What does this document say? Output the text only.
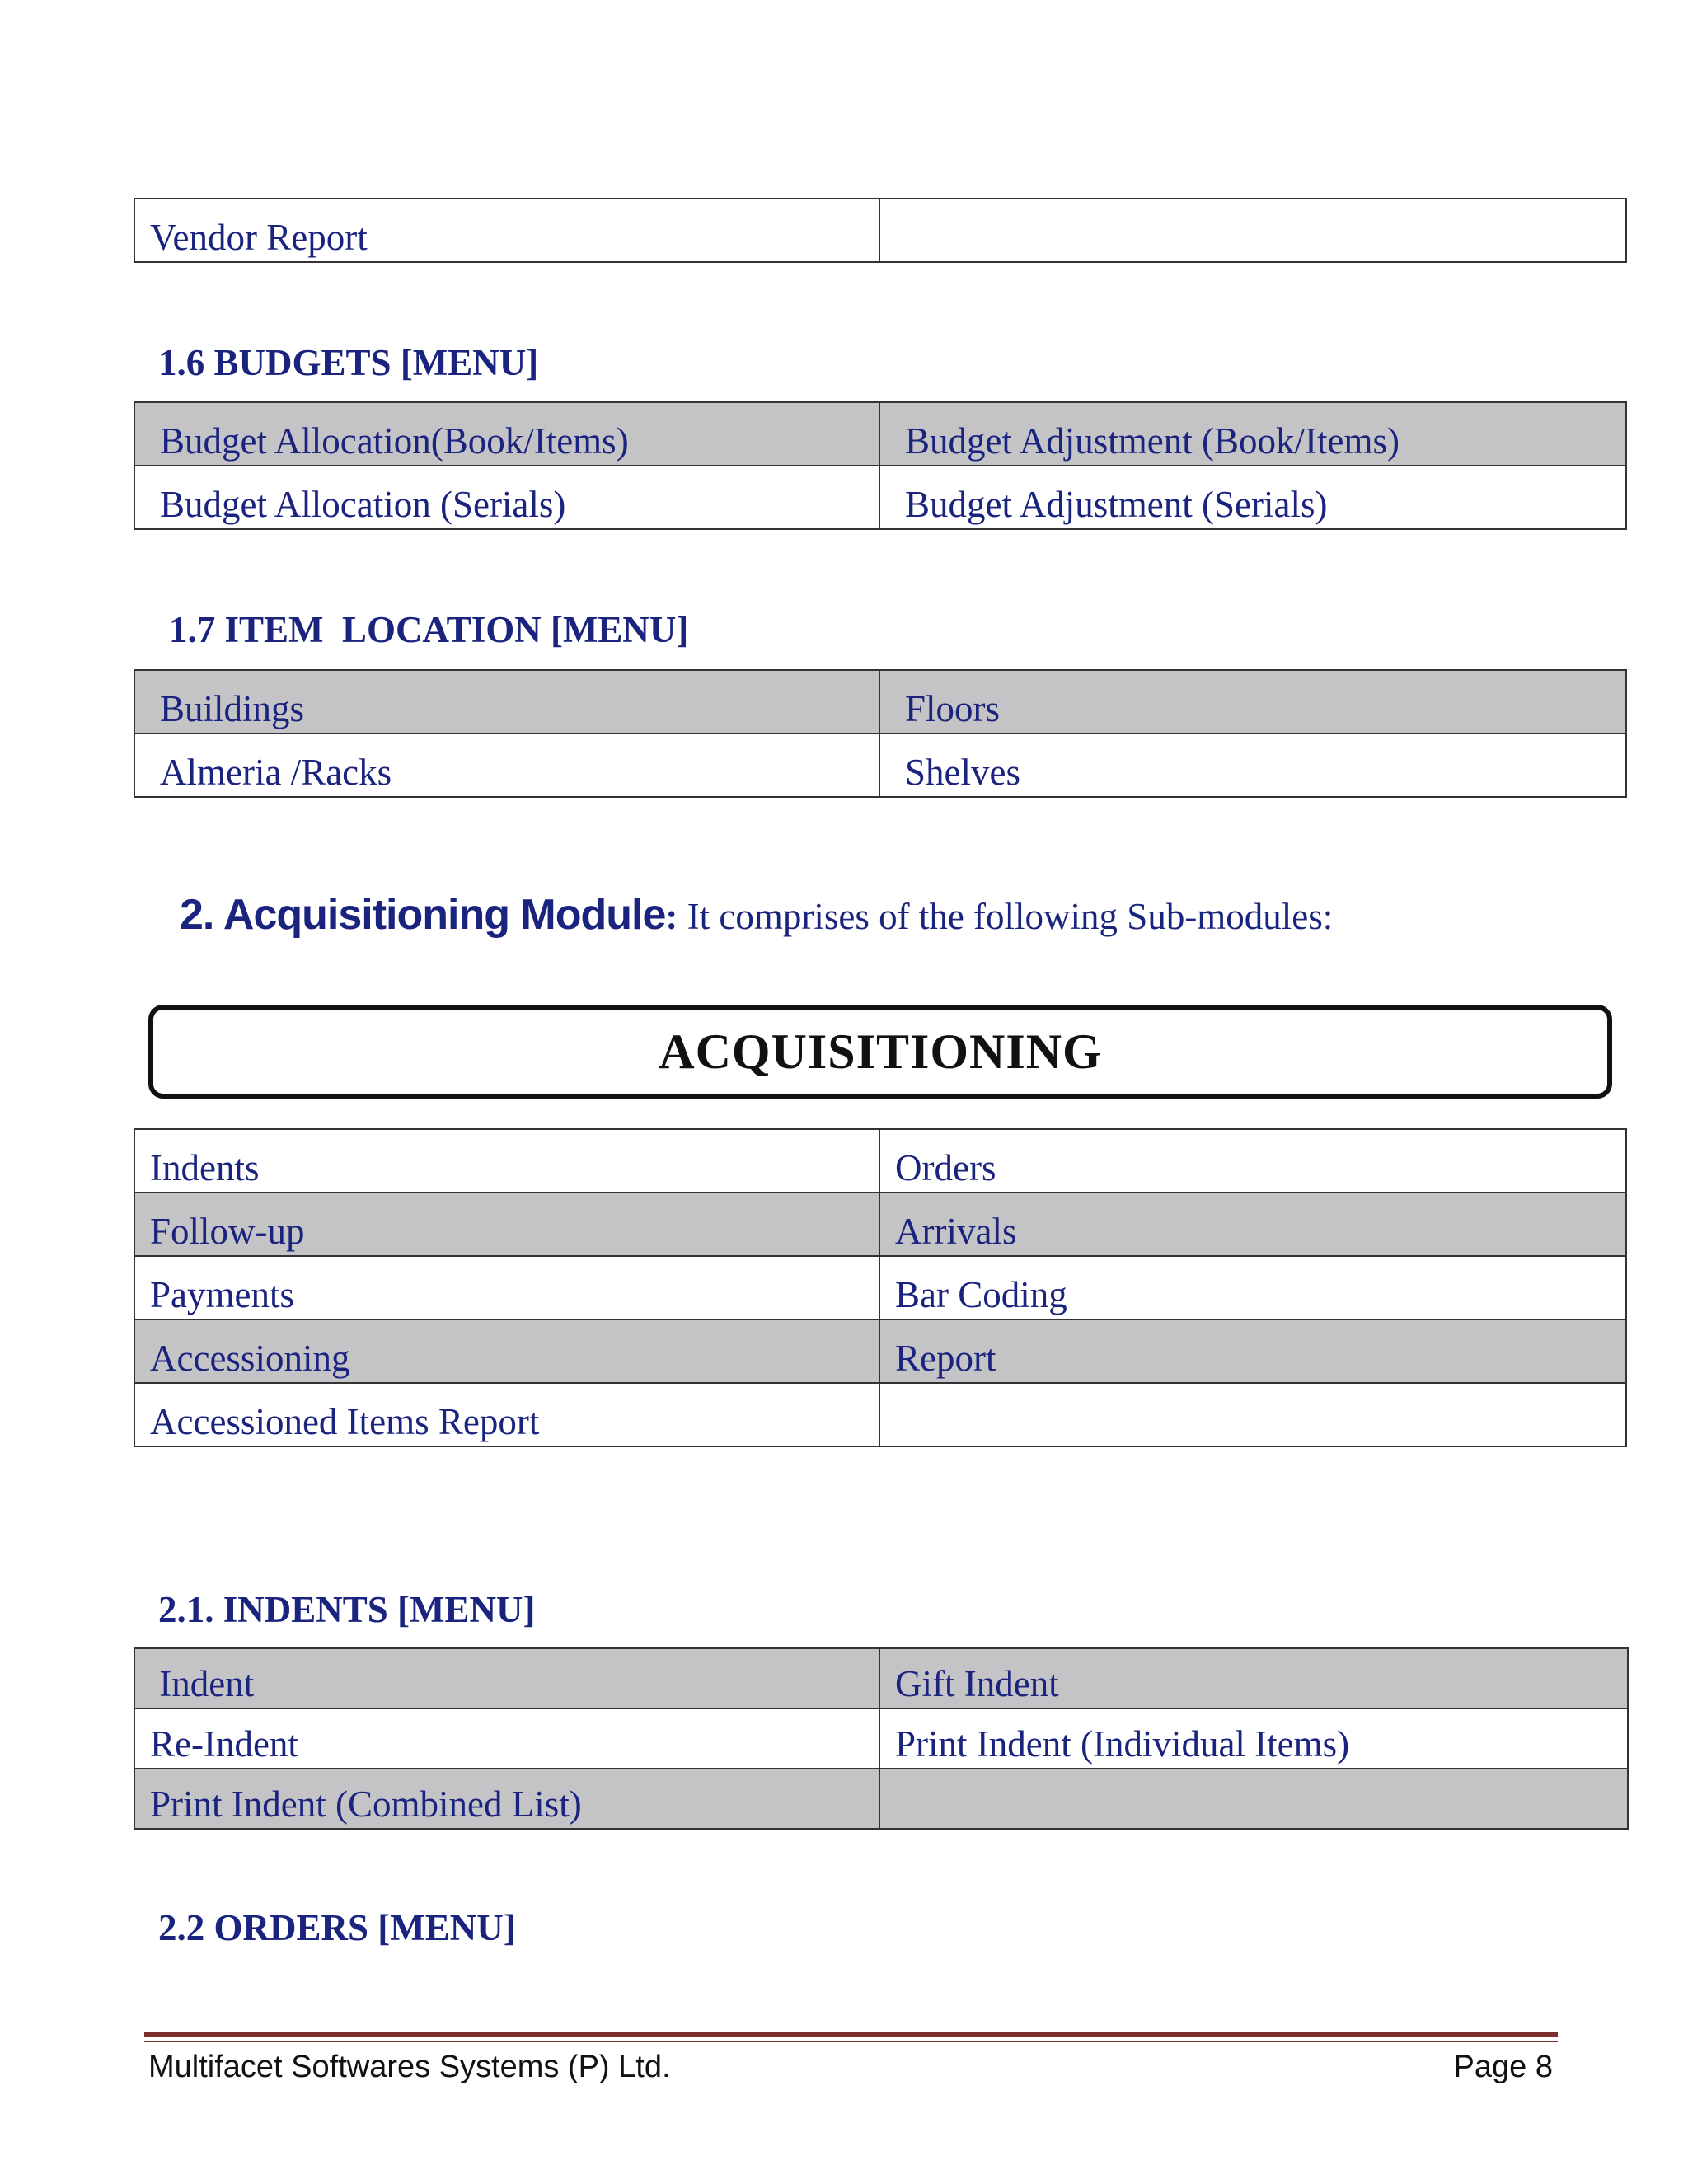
Vendor Report	
1.6 BUDGETS [MENU]
Budget Allocation(Book/Items)	Budget Adjustment (Book/Items)
Budget Allocation (Serials)	Budget Adjustment (Serials)
1.7 ITEM  LOCATION [MENU]
Buildings	Floors
Almeria /Racks	Shelves
2. Acquisitioning Module: It comprises of the following Sub-modules:
ACQUISITIONING
Indents	Orders
Follow-up	Arrivals
Payments	Bar Coding
Accessioning	Report
Accessioned Items Report	
2.1. INDENTS [MENU]
Indent	Gift Indent
Re-Indent	Print Indent (Individual Items)
Print Indent (Combined List)	
2.2 ORDERS [MENU]
Multifacet Softwares Systems (P) Ltd.	Page 8
